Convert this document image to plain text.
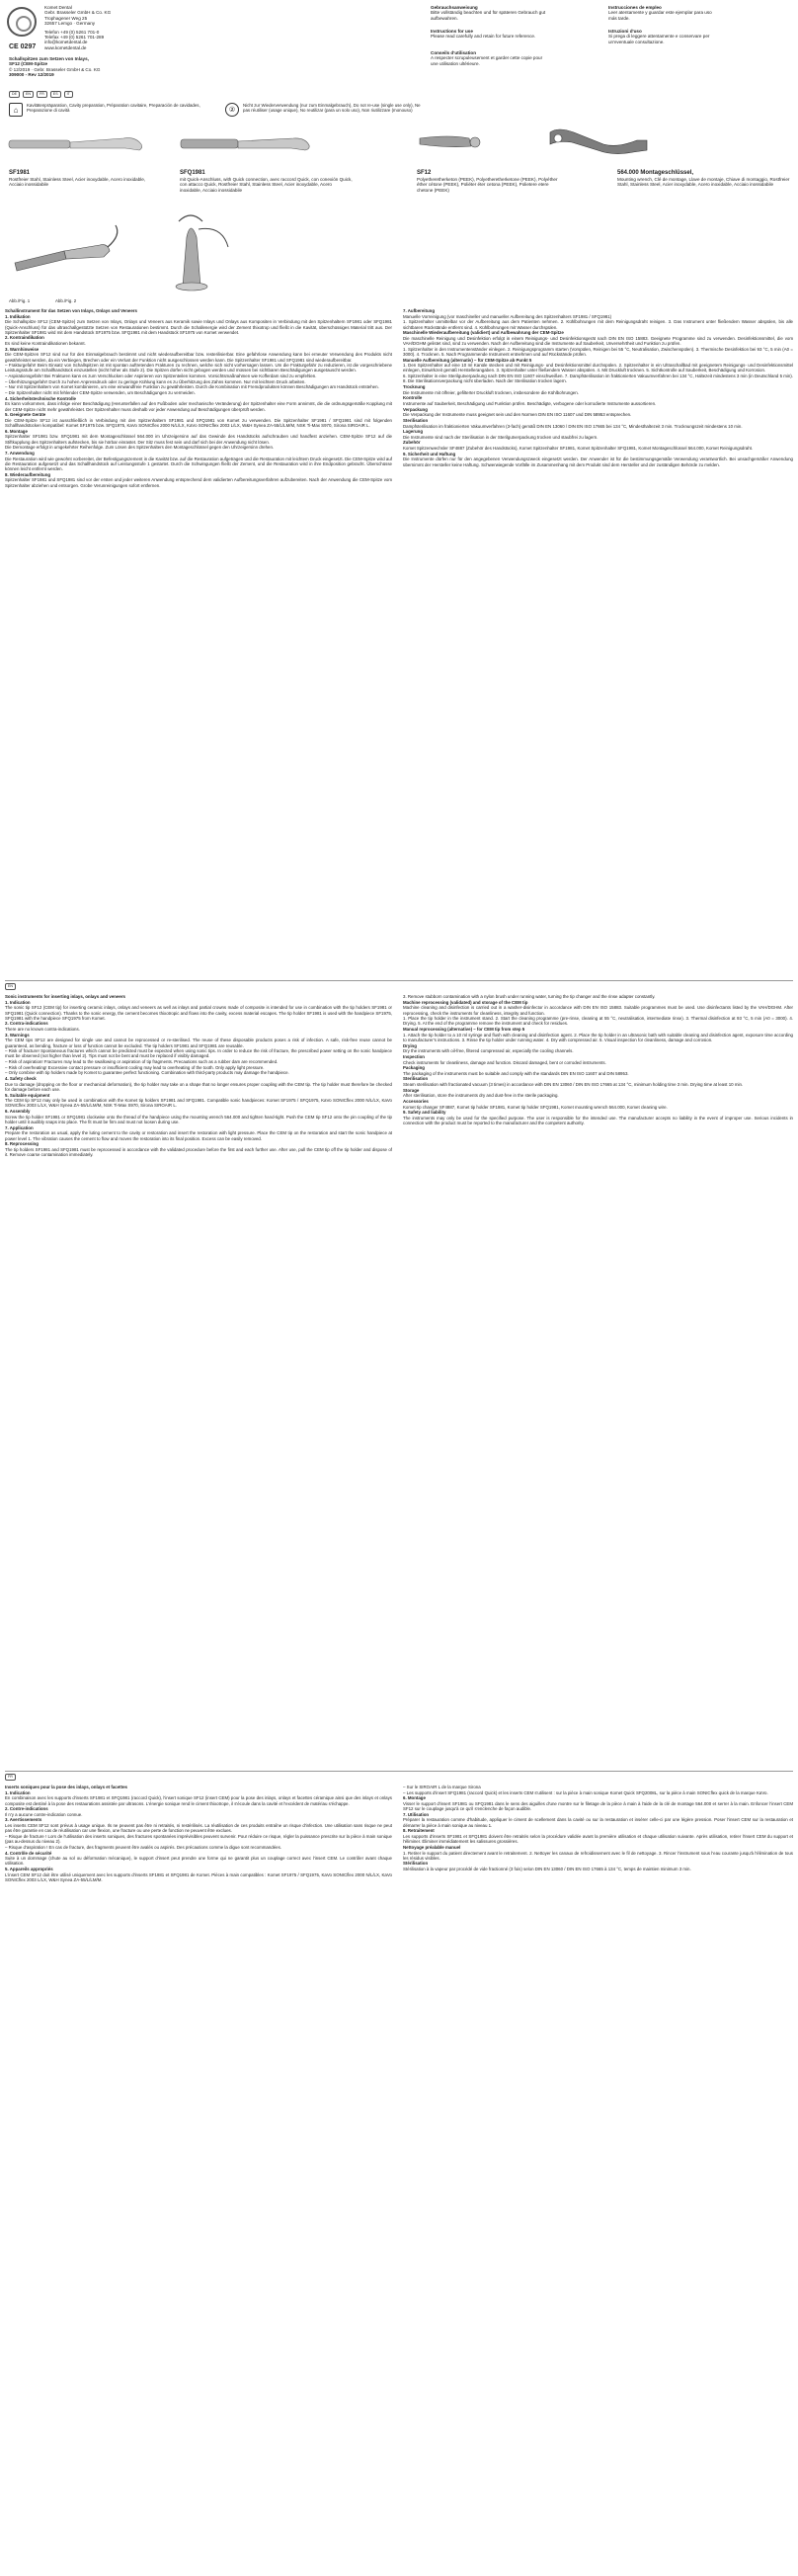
Komet Dental
Gebr. Brasseler GmbH & Co. KG
Trophagener Weg 25
32657 Lemgo · Germany
Telefon +49 (0) 5261 701-0
Telefax +49 (0) 5261 701-289
info@kometdental.de
www.kometdental.de
CE 0297
Schallspitzen zum Setzen von Inlays,
SF12 (CEM-Spitze
© 12/2019 · Gebr. Brasseler GmbH & Co. KG
309000 - Rev 12/2019
DE	EN	FR	ES	IT
⌂
Kavitätenpräparation, Cavity preparation, Préparation cavitaire, Preparación de cavidades, Preparazione di cavità	②
Nicht zur Wiederverwendung (nur zum Einmalgebrauch), Do not re-use (single use only), Ne pas réutiliser (usage unique), No reutilizar (para un solo uso), Non riutilizzare (monouso)
Gebrauchsanweisung
Bitte vollständig beachten und für späteren Gebrauch gut aufbewahren.
Instructions for use
Please read carefully and retain for future reference.
Conseils d'utilisation
A respecter scrupuleusement et garder cette copie pour une utilisation ultérieure.
Instrucciones de empleo
Leer atentamente y guardar este ejemplar para uso más tarde.
Istruzioni d'uso
Si prega di leggere attentamente e conservare per un'eventuale consultazione.
SF1981
Rostfreier Stahl, Stainless Steel, Acier inoxydable, Acero inoxidable, Acciaio inossidabile
SFQ1981
mit Quick-Anschluss, with Quick connection, avec raccord Quick, con conexión Quick, con attacco Quick, Rostfreier Stahl, Stainless Steel, Acier inoxydable, Acero inoxidable, Acciaio inossidabile
SF12
Polyetheretherketon (PEEK), Polyetheretherketone (PEEK), Polyéther éther cétone (PEEK), Poliéter éter cetona (PEEK), Polietere etere chetone (PEEK)
564.000 Montageschlüssel,
Mounting wrench, Clé de montage, Llave de montaje, Chiave di montaggio, Rostfreier Stahl, Stainless Steel, Acier inoxydable, Acero inoxidable, Acciaio inossidabile
Abb./Fig. 1	Abb./Fig. 2

Schallinstrument für das Setzen von Inlays, Onlays und Veneers

1. Indikation

Die Schallspitze SF12 (CEM-Spitze) zum Setzen von Inlays, Onlays und Veneers aus Keramik sowie Inlays und Onlays aus Kompositen in Verbindung mit den Spitzenhaltern SF1981 oder SFQ1981 (Quick-Anschluss) für das ultraschallgestützte Setzen von Restaurationen bestimmt. Durch die Schallenergie wird der Zement thixotrop und fließt in die Kavität, überschüssiges Material tritt aus. Der Spitzenhalter SF1981 wird mit dem Handstück SF1975 bzw. SFQ1981 mit dem Handstück SF1975 von Komet verwendet.

2. Kontraindikation

Es sind keine Kontraindikationen bekannt.

3. Warnhinweise

Die CEM-Spitzen SF12 sind nur für den Einmalgebrauch bestimmt und nicht wiederaufbereitbar bzw. resterilisierbar. Eine gefahrlose Anwendung kann bei erneuter Verwendung des Produkts nicht gewährleistet werden, da ein Verbiegen, Brechen oder ein Verlust der Funktion nicht ausgeschlossen werden kann. Die Spitzenhalter SF1981 und SFQ1981 sind wiederaufbereitbar.

– Frakturgefahr! Beim Einsatz von Schallspitzen ist mit spontan auftretenden Frakturen zu rechnen, welche sich nicht vorhersagen lassen. Um die Frakturgefahr zu reduzieren, ist die vorgeschriebene Leistungsstufe am Schallhandstück einzustellen (nicht höher als Stufe 2). Die Spitzen dürfen nicht gebogen werden und müssen bei sichtbaren Beschädigungen ausgetauscht werden.

– Aspirationsgefahr! Bei Frakturen kann es zum Verschlucken oder Aspirieren von Spitzenteilen kommen. Vorsichtsmaßnahmen wie Kofferdam sind zu empfehlen.

– Überhitzungsgefahr! Durch zu hohen Anpressdruck oder zu geringe Kühlung kann es zu Überhitzung des Zahns kommen. Nur mit leichtem Druck arbeiten.

– Nur mit Spitzenhaltern von Komet kombinieren, um eine einwandfreie Funktion zu gewährleisten. Durch die Kombination mit Fremdprodukten können Beschädigungen am Handstück entstehen.

– Die Spitzenhalter nicht mit fehlender CEM-Spitze verwenden, um Beschädigungen zu vermeiden.

4. Sicherheitstechnische Kontrolle

Es kann vorkommen, dass infolge einer Beschädigung (Herunterfallen auf den Fußboden oder mechanische Veränderung) der Spitzenhalter eine Form annimmt, die die ordnungsgemäße Kopplung mit der CEM-Spitze nicht mehr gewährleistet. Der Spitzenhalter muss deshalb vor jeder Anwendung auf Beschädigungen überprüft werden.

5. Geeignete Geräte

Die CEM-Spitze SF12 ist ausschließlich in Verbindung mit den Spitzenhaltern SF1981 und SFQ1981 von Komet zu verwenden. Die Spitzenhalter SF1981 / SFQ1981 sind mit folgenden Schallhandstücken kompatibel: Komet SF1975 bzw. SFQ1975, KaVo SONICflex 2000 N/L/LX, KaVo SONICflex 2003 L/LX, W&H Synea ZA-55/L/LM/M, NSK Ti-Max S970, Sirona SIROAIR L.

6. Montage

Spitzenhalter SF1981 bzw. SFQ1981 mit dem Montageschlüssel 564.000 im Uhrzeigersinn auf das Gewinde des Handstücks aufschrauben und handfest anziehen. CEM-Spitze SF12 auf die Stiftkupplung des Spitzenhalters aufstecken, bis sie hörbar einrastet. Der Sitz muss fest sein und darf sich bei der Anwendung nicht lösen.

Die Demontage erfolgt in umgekehrter Reihenfolge. Zum Lösen des Spitzenhalters den Montageschlüssel gegen den Uhrzeigersinn drehen.

7. Anwendung

Die Restauration wird wie gewohnt vorbereitet, der Befestigungszement in die Kavität bzw. auf die Restauration aufgetragen und die Restauration mit leichtem Druck eingesetzt. Die CEM-Spitze wird auf die Restauration aufgesetzt und das Schallhandstück auf Leistungsstufe 1 gestartet. Durch die Schwingungen fließt der Zement, und die Restauration wird in ihre Endposition gebracht. Überschüsse können leicht entfernt werden.

8. Wiederaufbereitung

Spitzenhalter SF1981 und SFQ1981 sind vor der ersten und jeder weiteren Anwendung entsprechend dem validierten Aufbereitungsverfahren aufzubereiten. Nach der Anwendung die CEM-Spitze vom Spitzenhalter abziehen und entsorgen. Grobe Verunreinigungen sofort entfernen.

7. Aufbereitung

Manuelle Vorreinigung (vor maschineller und manueller Aufbereitung des Spitzenhalters SF1981 / SFQ1981)

1. Spitzenhalter unmittelbar vor der Aufbereitung aus dem Patienten nehmen. 2. Kühlbohrungen mit dem Reinigungsdraht reinigen. 3. Das Instrument unter fließendem Wasser abspülen, bis alle sichtbaren Rückstände entfernt sind. 4. Kühlbohrungen mit Wasser durchspülen.

Maschinelle Wiederaufbereitung (validiert) und Aufbewahrung der CEM-Spitze

Die maschinelle Reinigung und Desinfektion erfolgt in einem Reinigungs- und Desinfektionsgerät nach DIN EN ISO 15883. Geeignete Programme sind zu verwenden. Desinfektionsmittel, die vom VAH/DGHM gelistet sind, sind zu verwenden. Nach der Aufbereitung sind die Instrumente auf Sauberkeit, Unversehrtheit und Funktion zu prüfen.

1. Spitzenhalter in den Instrumentenständer einlegen. 2. Reinigungsprogramm starten (Vorspülen, Reinigen bei 55 °C, Neutralisation, Zwischenspülen). 3. Thermische Desinfektion bei 93 °C, 5 min (A0 = 3000). 4. Trocknen. 5. Nach Programmende Instrument entnehmen und auf Rückstände prüfen.

Manuelle Aufbereitung (alternativ) – für CEM-Spitze ab Punkt 5

1. Den Spitzenhalter auf eine 10 ml Kanüle stecken und mit Reinigungs- und Desinfektionsmittel durchspülen. 2. Spitzenhalter in ein Ultraschallbad mit geeignetem Reinigungs- und Desinfektionsmittel einlegen, Einwirkzeit gemäß Herstellerangaben. 3. Spitzenhalter unter fließendem Wasser abspülen. 4. Mit Druckluft trocknen. 5. Sichtkontrolle auf Sauberkeit, Beschädigung und Korrosion.

6. Spitzenhalter in eine Sterilgutverpackung nach DIN EN ISO 11607 einschweißen. 7. Dampfsterilisation im fraktionierten Vakuumverfahren bei 134 °C, Haltezeit mindestens 3 min (in Deutschland 5 min). 8. Die Sterilisationsverpackung nicht überladen. Nach der Sterilisation trocken lagern.

Trocknung

Die Instrumente mit ölfreier, gefilterter Druckluft trocknen, insbesondere die Kühlbohrungen.

Kontrolle

Instrumente auf Sauberkeit, Beschädigung und Funktion prüfen. Beschädigte, verbogene oder korrodierte Instrumente aussortieren.

Verpackung

Die Verpackung der Instrumente muss geeignet sein und den Normen DIN EN ISO 11607 und DIN 58953 entsprechen.

Sterilisation

Dampfsterilisation im fraktionierten Vakuumverfahren (3-fach) gemäß DIN EN 13060 / DIN EN ISO 17665 bei 134 °C, Mindesthaltezeit 3 min. Trocknungszeit mindestens 10 min.

Lagerung

Die Instrumente sind nach der Sterilisation in der Sterilgutverpackung trocken und staubfrei zu lagern.

Zubehör

Komet Spitzenwechsler SF4887 (Zubehör des Handstücks), Komet Spitzenhalter SF1981, Komet Spitzenhalter SFQ1981, Komet Montageschlüssel 564.000, Komet Reinigungsdraht.

9. Sicherheit und Haftung

Die Instrumente dürfen nur für den angegebenen Verwendungszweck eingesetzt werden. Der Anwender ist für die bestimmungsgemäße Verwendung verantwortlich. Bei unsachgemäßer Anwendung übernimmt der Hersteller keine Haftung. Schwerwiegende Vorfälle im Zusammenhang mit dem Produkt sind dem Hersteller und der zuständigen Behörde zu melden.

EN

Sonic instruments for inserting inlays, onlays and veneers

1. Indication

The sonic tip SF12 (CEM tip) for inserting ceramic inlays, onlays and veneers as well as inlays and partial crowns made of composite is intended for use in combination with the tip holders SF1981 or SFQ1981 (Quick connection). Thanks to the sonic energy, the cement becomes thixotropic and flows into the cavity, excess material escapes. The tip holder SF1981 is used with the handpiece SF1975, SFQ1981 with the handpiece SFQ1975 from Komet.

2. Contra-indications

There are no known contra-indications.

3. Warnings

The CEM tips SF12 are designed for single use and cannot be reprocessed or re-sterilised. The reuse of these disposable products poses a risk of infection. A safe, risk-free reuse cannot be guaranteed, as bending, fracture or loss of function cannot be excluded. The tip holders SF1981 and SFQ1981 are reusable.

– Risk of fracture! Spontaneous fractures which cannot be predicted must be expected when using sonic tips. In order to reduce the risk of fracture, the prescribed power setting on the sonic handpiece must be observed (not higher than level 2). Tips must not be bent and must be replaced if visibly damaged.

– Risk of aspiration! Fractures may lead to the swallowing or aspiration of tip fragments. Precautions such as a rubber dam are recommended.

– Risk of overheating! Excessive contact pressure or insufficient cooling may lead to overheating of the tooth. Only apply light pressure.

– Only combine with tip holders made by Komet to guarantee perfect functioning. Combination with third-party products may damage the handpiece.

4. Safety check

Due to damage (dropping on the floor or mechanical deformation), the tip holder may take on a shape that no longer ensures proper coupling with the CEM tip. The tip holder must therefore be checked for damage before each use.

5. Suitable equipment

The CEM tip SF12 may only be used in combination with the Komet tip holders SF1981 and SFQ1981. Compatible sonic handpieces: Komet SF1975 / SFQ1975, KaVo SONICflex 2000 N/L/LX, KaVo SONICflex 2003 L/LX, W&H Synea ZA-55/L/LM/M, NSK Ti-Max S970, Sirona SIROAIR L.

6. Assembly

Screw the tip holder SF1981 or SFQ1981 clockwise onto the thread of the handpiece using the mounting wrench 564.000 and tighten hand-tight. Push the CEM tip SF12 onto the pin coupling of the tip holder until it audibly snaps into place. The fit must be firm and must not loosen during use.

7. Application

Prepare the restoration as usual, apply the luting cement to the cavity or restoration and insert the restoration with light pressure. Place the CEM tip on the restoration and start the sonic handpiece at power level 1. The vibration causes the cement to flow and moves the restoration into its final position. Excess can be easily removed.

8. Reprocessing

The tip holders SF1981 and SFQ1981 must be reprocessed in accordance with the validated procedure before the first and each further use. After use, pull the CEM tip off the tip holder and dispose of it. Remove coarse contamination immediately.

3. Remove stubborn contamination with a nylon brush under running water, turning the tip changer and the rinse adapter constantly.

Machine reprocessing (validated) and storage of the CEM tip

Machine cleaning and disinfection is carried out in a washer-disinfector in accordance with DIN EN ISO 15883. Suitable programmes must be used. Use disinfectants listed by the VAH/DGHM. After reprocessing, check the instruments for cleanliness, integrity and function.

1. Place the tip holder in the instrument stand. 2. Start the cleaning programme (pre-rinse, cleaning at 55 °C, neutralisation, intermediate rinse). 3. Thermal disinfection at 93 °C, 5 min (A0 = 3000). 4. Drying. 5. At the end of the programme remove the instrument and check for residues.

Manual reprocessing (alternative) – for CEM tip from step 5

1. Attach the tip holder to a 10 ml syringe and flush with cleaning and disinfection agent. 2. Place the tip holder in an ultrasonic bath with suitable cleaning and disinfection agent, exposure time according to manufacturer's instructions. 3. Rinse the tip holder under running water. 4. Dry with compressed air. 5. Visual inspection for cleanliness, damage and corrosion.

Drying

Dry the instruments with oil-free, filtered compressed air, especially the cooling channels.

Inspection

Check instruments for cleanliness, damage and function. Discard damaged, bent or corroded instruments.

Packaging

The packaging of the instruments must be suitable and comply with the standards DIN EN ISO 11607 and DIN 58953.

Sterilisation

Steam sterilisation with fractionated vacuum (3 times) in accordance with DIN EN 13060 / DIN EN ISO 17665 at 134 °C, minimum holding time 3 min. Drying time at least 10 min.

Storage

After sterilisation, store the instruments dry and dust-free in the sterile packaging.

Accessories

Komet tip changer SF4887, Komet tip holder SF1981, Komet tip holder SFQ1981, Komet mounting wrench 564.000, Komet cleaning wire.

9. Safety and liability

The instruments may only be used for the specified purpose. The user is responsible for the intended use. The manufacturer accepts no liability in the event of improper use. Serious incidents in connection with the product must be reported to the manufacturer and the competent authority.

FR

Inserts soniques pour la pose des inlays, onlays et facettes

1. Indication

En combinaison avec les supports d'inserts SF1981 et SFQ1981 (raccord Quick), l'insert sonique SF12 (insert CEM) pour la pose des inlays, onlays et facettes céramique ainsi que des inlays et onlays composite est destiné à la pose des restaurations assistée par ultrasons. L'énergie sonique rend le ciment thixotrope, il s'écoule dans la cavité et l'excédent de matériau s'échappe.

2. Contre-indications

Il n'y a aucune contre-indication connue.

3. Avertissements

Les inserts CEM SF12 sont prévus à usage unique. Ils ne peuvent pas être ni retraités, ni restérilisés. La réutilisation de ces produits entraîne un risque d'infection. Une utilisation sans risque ne peut pas être garantie en cas de réutilisation car une flexion, une fracture ou une perte de fonction ne peuvent être exclues.

– Risque de fracture ! Lors de l'utilisation des inserts soniques, des fractures spontanées imprévisibles peuvent survenir. Pour réduire ce risque, régler la puissance prescrite sur la pièce à main sonique (pas au-dessus du niveau 2).

– Risque d'aspiration ! En cas de fracture, des fragments peuvent être avalés ou aspirés. Des précautions comme la digue sont recommandées.

4. Contrôle de sécurité

Suite à un dommage (chute au sol ou déformation mécanique), le support d'insert peut prendre une forme qui ne garantit plus un couplage correct avec l'insert CEM. Le contrôler avant chaque utilisation.

5. Appareils appropriés

L'insert CEM SF12 doit être utilisé uniquement avec les supports d'inserts SF1981 et SFQ1981 de Komet. Pièces à main compatibles : Komet SF1975 / SFQ1975, KaVo SONICflex 2000 N/L/LX, KaVo SONICflex 2003 L/LX, W&H Synea ZA-55/L/LM/M.

– Sur le SIROAIR L de la marque Sirona

– Les supports d'insert SFQ1981 (raccord Quick) et les inserts CEM s'utilisent : sur la pièce à main sonique Komet Quick SFQ2008L, sur la pièce à main SONICflex quick de la marque KaVo.

6. Montage

Visser le support d'insert SF1981 ou SFQ1981 dans le sens des aiguilles d'une montre sur le filetage de la pièce à main à l'aide de la clé de montage 564.000 et serrer à la main. Enfoncer l'insert CEM SF12 sur le couplage jusqu'à ce qu'il s'enclenche de façon audible.

7. Utilisation

Préparer la restauration comme d'habitude, appliquer le ciment de scellement dans la cavité ou sur la restauration et insérer celle-ci par une légère pression. Poser l'insert CEM sur la restauration et démarrer la pièce à main sonique au niveau 1.

8. Retraitement

Les supports d'inserts SF1981 et SFQ1981 doivent être retraités selon la procédure validée avant la première utilisation et chaque utilisation suivante. Après utilisation, retirer l'insert CEM du support et l'éliminer. Éliminer immédiatement les salissures grossières.

Nettoyage préalable manuel

1. Retirer le support du patient directement avant le retraitement. 2. Nettoyer les canaux de refroidissement avec le fil de nettoyage. 3. Rincer l'instrument sous l'eau courante jusqu'à l'élimination de tous les résidus visibles.

Stérilisation

Stérilisation à la vapeur par procédé de vide fractionné (3 fois) selon DIN EN 13060 / DIN EN ISO 17665 à 134 °C, temps de maintien minimum 3 min.
